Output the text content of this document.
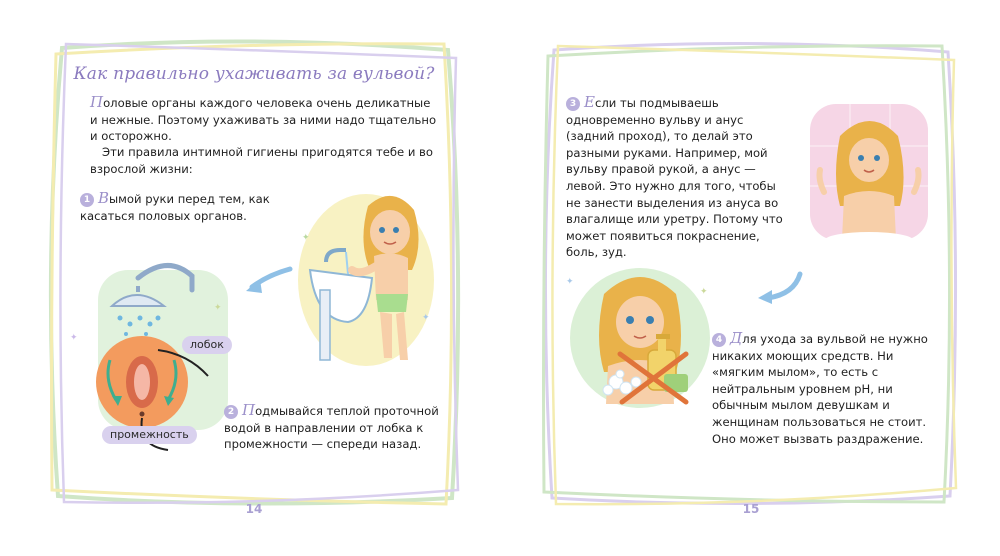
Как правильно ухаживать за вульвой?
Половые органы каждого человека очень деликатные и нежные. Поэтому ухаживать за ними надо тщательно и осторожно.
Эти правила интимной гигиены пригодятся тебе и во взрослой жизни:
1 Вымой руки перед тем, как касаться половых органов.
✦
✦
✦
✦
лобок
промежность
2 Подмывайся теплой проточной водой в направлении от лобка к промежности — спереди назад.
14
3 Если ты подмываешь одновременно вульву и анус (задний проход), то делай это разными руками. Например, мой вульву правой рукой, а анус — левой. Это нужно для того, чтобы не занести выделения из ануса во влагалище или уретру. Потому что может появиться покраснение, боль, зуд.
✦
✦
4 Для ухода за вульвой не нужно никаких моющих средств. Ни «мягким мылом», то есть с нейтральным уровнем pH, ни обычным мылом девушкам и женщинам пользоваться не стоит. Оно может вызвать раздражение.
15
